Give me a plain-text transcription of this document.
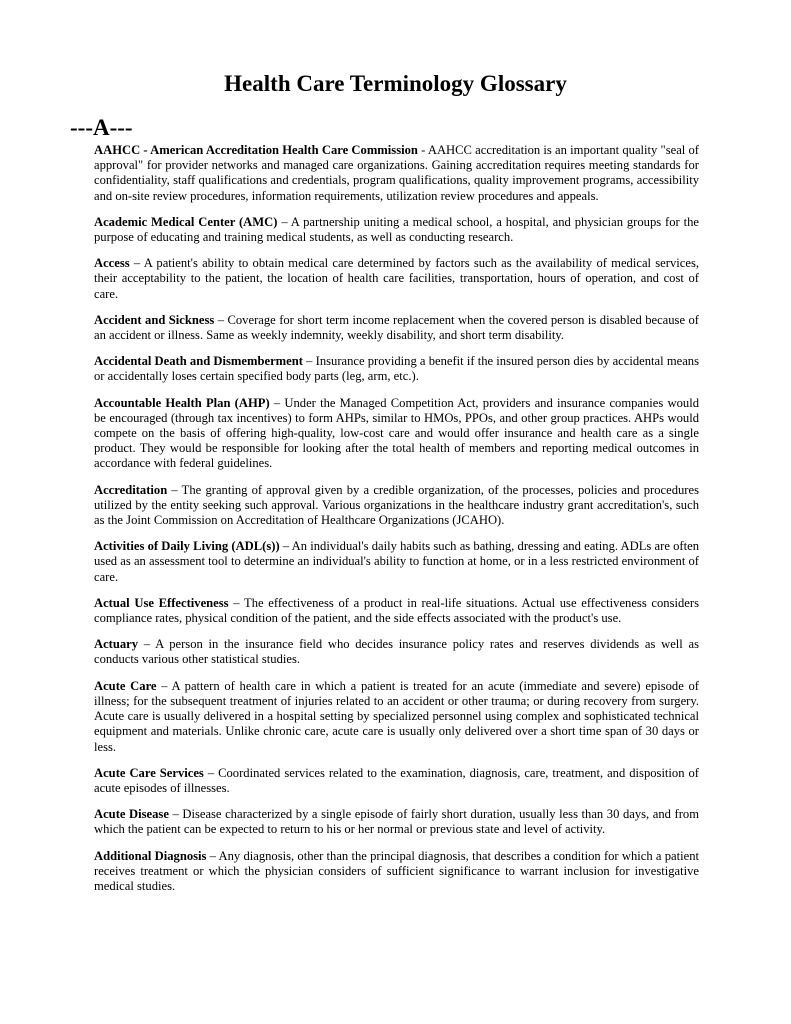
Health Care Terminology Glossary
---A---

AAHCC - American Accreditation Health Care Commission - AAHCC accreditation is an important quality "seal of approval" for provider networks and managed care organizations. Gaining accreditation requires meeting standards for confidentiality, staff qualifications and credentials, program qualifications, quality improvement programs, accessibility and on-site review procedures, information requirements, utilization review procedures and appeals.

Academic Medical Center (AMC) – A partnership uniting a medical school, a hospital, and physician groups for the purpose of educating and training medical students, as well as conducting research.

Access – A patient's ability to obtain medical care determined by factors such as the availability of medical services, their acceptability to the patient, the location of health care facilities, transportation, hours of operation, and cost of care.

Accident and Sickness – Coverage for short term income replacement when the covered person is disabled because of an accident or illness. Same as weekly indemnity, weekly disability, and short term disability.

Accidental Death and Dismemberment – Insurance providing a benefit if the insured person dies by accidental means or accidentally loses certain specified body parts (leg, arm, etc.).

Accountable Health Plan (AHP) – Under the Managed Competition Act, providers and insurance companies would be encouraged (through tax incentives) to form AHPs, similar to HMOs, PPOs, and other group practices. AHPs would compete on the basis of offering high-quality, low-cost care and would offer insurance and health care as a single product. They would be responsible for looking after the total health of members and reporting medical outcomes in accordance with federal guidelines.

Accreditation – The granting of approval given by a credible organization, of the processes, policies and procedures utilized by the entity seeking such approval. Various organizations in the healthcare industry grant accreditation's, such as the Joint Commission on Accreditation of Healthcare Organizations (JCAHO).

Activities of Daily Living (ADL(s)) – An individual's daily habits such as bathing, dressing and eating. ADLs are often used as an assessment tool to determine an individual's ability to function at home, or in a less restricted environment of care.

Actual Use Effectiveness – The effectiveness of a product in real-life situations. Actual use effectiveness considers compliance rates, physical condition of the patient, and the side effects associated with the product's use.

Actuary – A person in the insurance field who decides insurance policy rates and reserves dividends as well as conducts various other statistical studies.

Acute Care – A pattern of health care in which a patient is treated for an acute (immediate and severe) episode of illness; for the subsequent treatment of injuries related to an accident or other trauma; or during recovery from surgery. Acute care is usually delivered in a hospital setting by specialized personnel using complex and sophisticated technical equipment and materials. Unlike chronic care, acute care is usually only delivered over a short time span of 30 days or less.

Acute Care Services – Coordinated services related to the examination, diagnosis, care, treatment, and disposition of acute episodes of illnesses.

Acute Disease – Disease characterized by a single episode of fairly short duration, usually less than 30 days, and from which the patient can be expected to return to his or her normal or previous state and level of activity.

Additional Diagnosis – Any diagnosis, other than the principal diagnosis, that describes a condition for which a patient receives treatment or which the physician considers of sufficient significance to warrant inclusion for investigative medical studies.
